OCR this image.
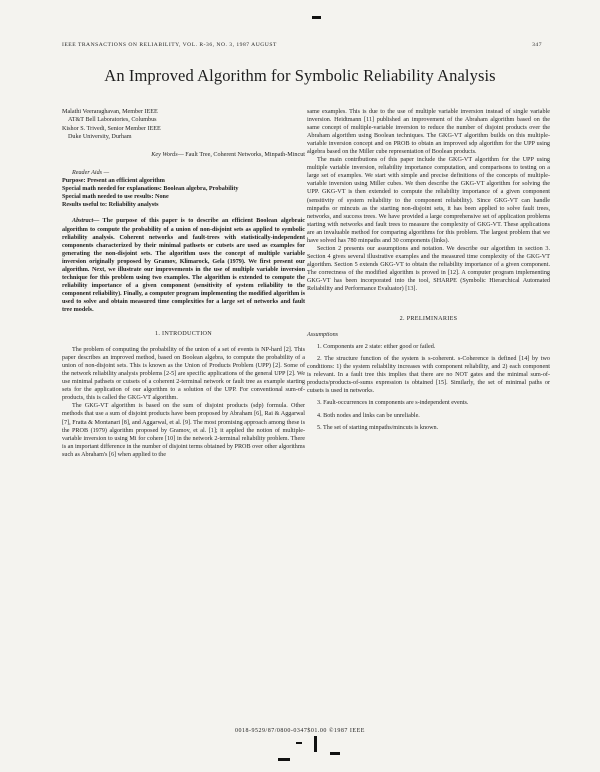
IEEE TRANSACTIONS ON RELIABILITY, VOL. R-36, NO. 3, 1987 AUGUST	347
An Improved Algorithm for Symbolic Reliability Analysis

Malathi Veeraraghavan, Member IEEE

AT&T Bell Laboratories, Columbus

Kishor S. Trivedi, Senior Member IEEE

Duke University, Durham

Key Words— Fault Tree, Coherent Networks, Minpath-Mincut

Reader Aids —

Purpose: Present an efficient algorithm

Special math needed for explanations: Boolean algebra, Probability

Special math needed to use results: None

Results useful to: Reliability analysts

Abstract— The purpose of this paper is to describe an efficient Boolean algebraic algorithm to compute the probability of a union of non-disjoint sets as applied to symbolic reliability analysis. Coherent networks and fault-trees with statistically-independent components characterized by their minimal pathsets or cutsets are used as examples for generating the non-disjoint sets. The algorithm uses the concept of multiple variable inversion originally proposed by Gramov, Klimarock, Gela (1979). We first present our algorithm. Next, we illustrate our improvements in the use of multiple variable inversion technique for this problem using two examples. The algorithm is extended to compute the reliability importance of a given component (sensitivity of system reliability to the component reliability). Finally, a computer program implementing the modified algorithm is used to solve and obtain measured time complexities for a large set of networks and fault tree models.

1. INTRODUCTION

The problem of computing the probability of the union of a set of events is NP-hard [2]. This paper describes an improved method, based on Boolean algebra, to compute the probability of a union of non-disjoint sets. This is known as the Union of Products Problem (UPP) [2]. Some of the network reliability analysis problems [2-5] are specific applications of the general UPP [2]. We use minimal pathsets or cutsets of a coherent 2-terminal network or fault tree as example starting sets for the application of our algorithm to a solution of the UPP. For conventional sum-of-products, this is called the GKG-VT algorithm.

The GKG-VT algorithm is based on the sum of disjoint products (sdp) formula. Other methods that use a sum of disjoint products have been proposed by Abraham [6], Rai & Aggarwal [7], Fratta & Montanari [8], and Aggarwal, et al. [9]. The most promising approach among these is the PROB (1979) algorithm proposed by Gramov, et al. [1]; it applied the notion of multiple-variable inversion to using Mi for cohere [10] in the network 2-terminal reliability problem. There is an important difference in the number of disjoint terms obtained by PROB over other algorithms such as Abraham's [6] when applied to the

same examples. This is due to the use of multiple variable inversion instead of single variable inversion. Heidtmann [11] published an improvement of the Abraham algorithm based on the same concept of multiple-variable inversion to reduce the number of disjoint products over the Abraham algorithm using Boolean techniques. The GKG-VT algorithm builds on this multiple-variable inversion concept and on PROB to obtain an improved sdp algorithm for the UPP using algebra based on the Miller cube representation of Boolean products.

The main contributions of this paper include the GKG-VT algorithm for the UPP using multiple variable inversion, reliability importance computation, and comparisons to testing on a large set of examples. We start with simple and precise definitions of the concepts of multiple-variable inversion using Miller cubes. We then describe the GKG-VT algorithm for solving the UPP. GKG-VT is then extended to compute the reliability importance of a given component (sensitivity of system reliability to the component reliability). Since GKG-VT can handle minpaths or mincuts as the starting non-disjoint sets, it has been applied to solve fault trees, networks, and success trees. We have provided a large comprehensive set of application problems starting with networks and fault trees to measure the complexity of GKG-VT. These applications are an invaluable method for comparing algorithms for this problem. The largest problem that we have solved has 780 minpaths and 30 components (links).

Section 2 presents our assumptions and notation. We describe our algorithm in section 3. Section 4 gives several illustrative examples and the measured time complexity of the GKG-VT algorithm. Section 5 extends GKG-VT to obtain the reliability importance of a given component. The correctness of the modified algorithm is proved in [12]. A computer program implementing GKG-VT has been incorporated into the tool, SHARPE (Symbolic Hierarchical Automated Reliability and Performance Evaluator) [13].

2. PRELIMINARIES

Assumptions

1. Components are 2 state: either good or failed.

2. The structure function of the system is s-coherent. s-Coherence is defined [14] by two conditions: 1) the system reliability increases with component reliability, and 2) each component is relevant. In a fault tree this implies that there are no NOT gates and the minimal sum-of-products/products-of-sums expression is obtained [15]. Similarly, the set of minimal paths or cutsets is used in networks.

3. Fault-occurrences in components are s-independent events.

4. Both nodes and links can be unreliable.

5. The set of starting minpaths/mincuts is known.

0018-9529/87/0800-0347$01.00 ©1987 IEEE
